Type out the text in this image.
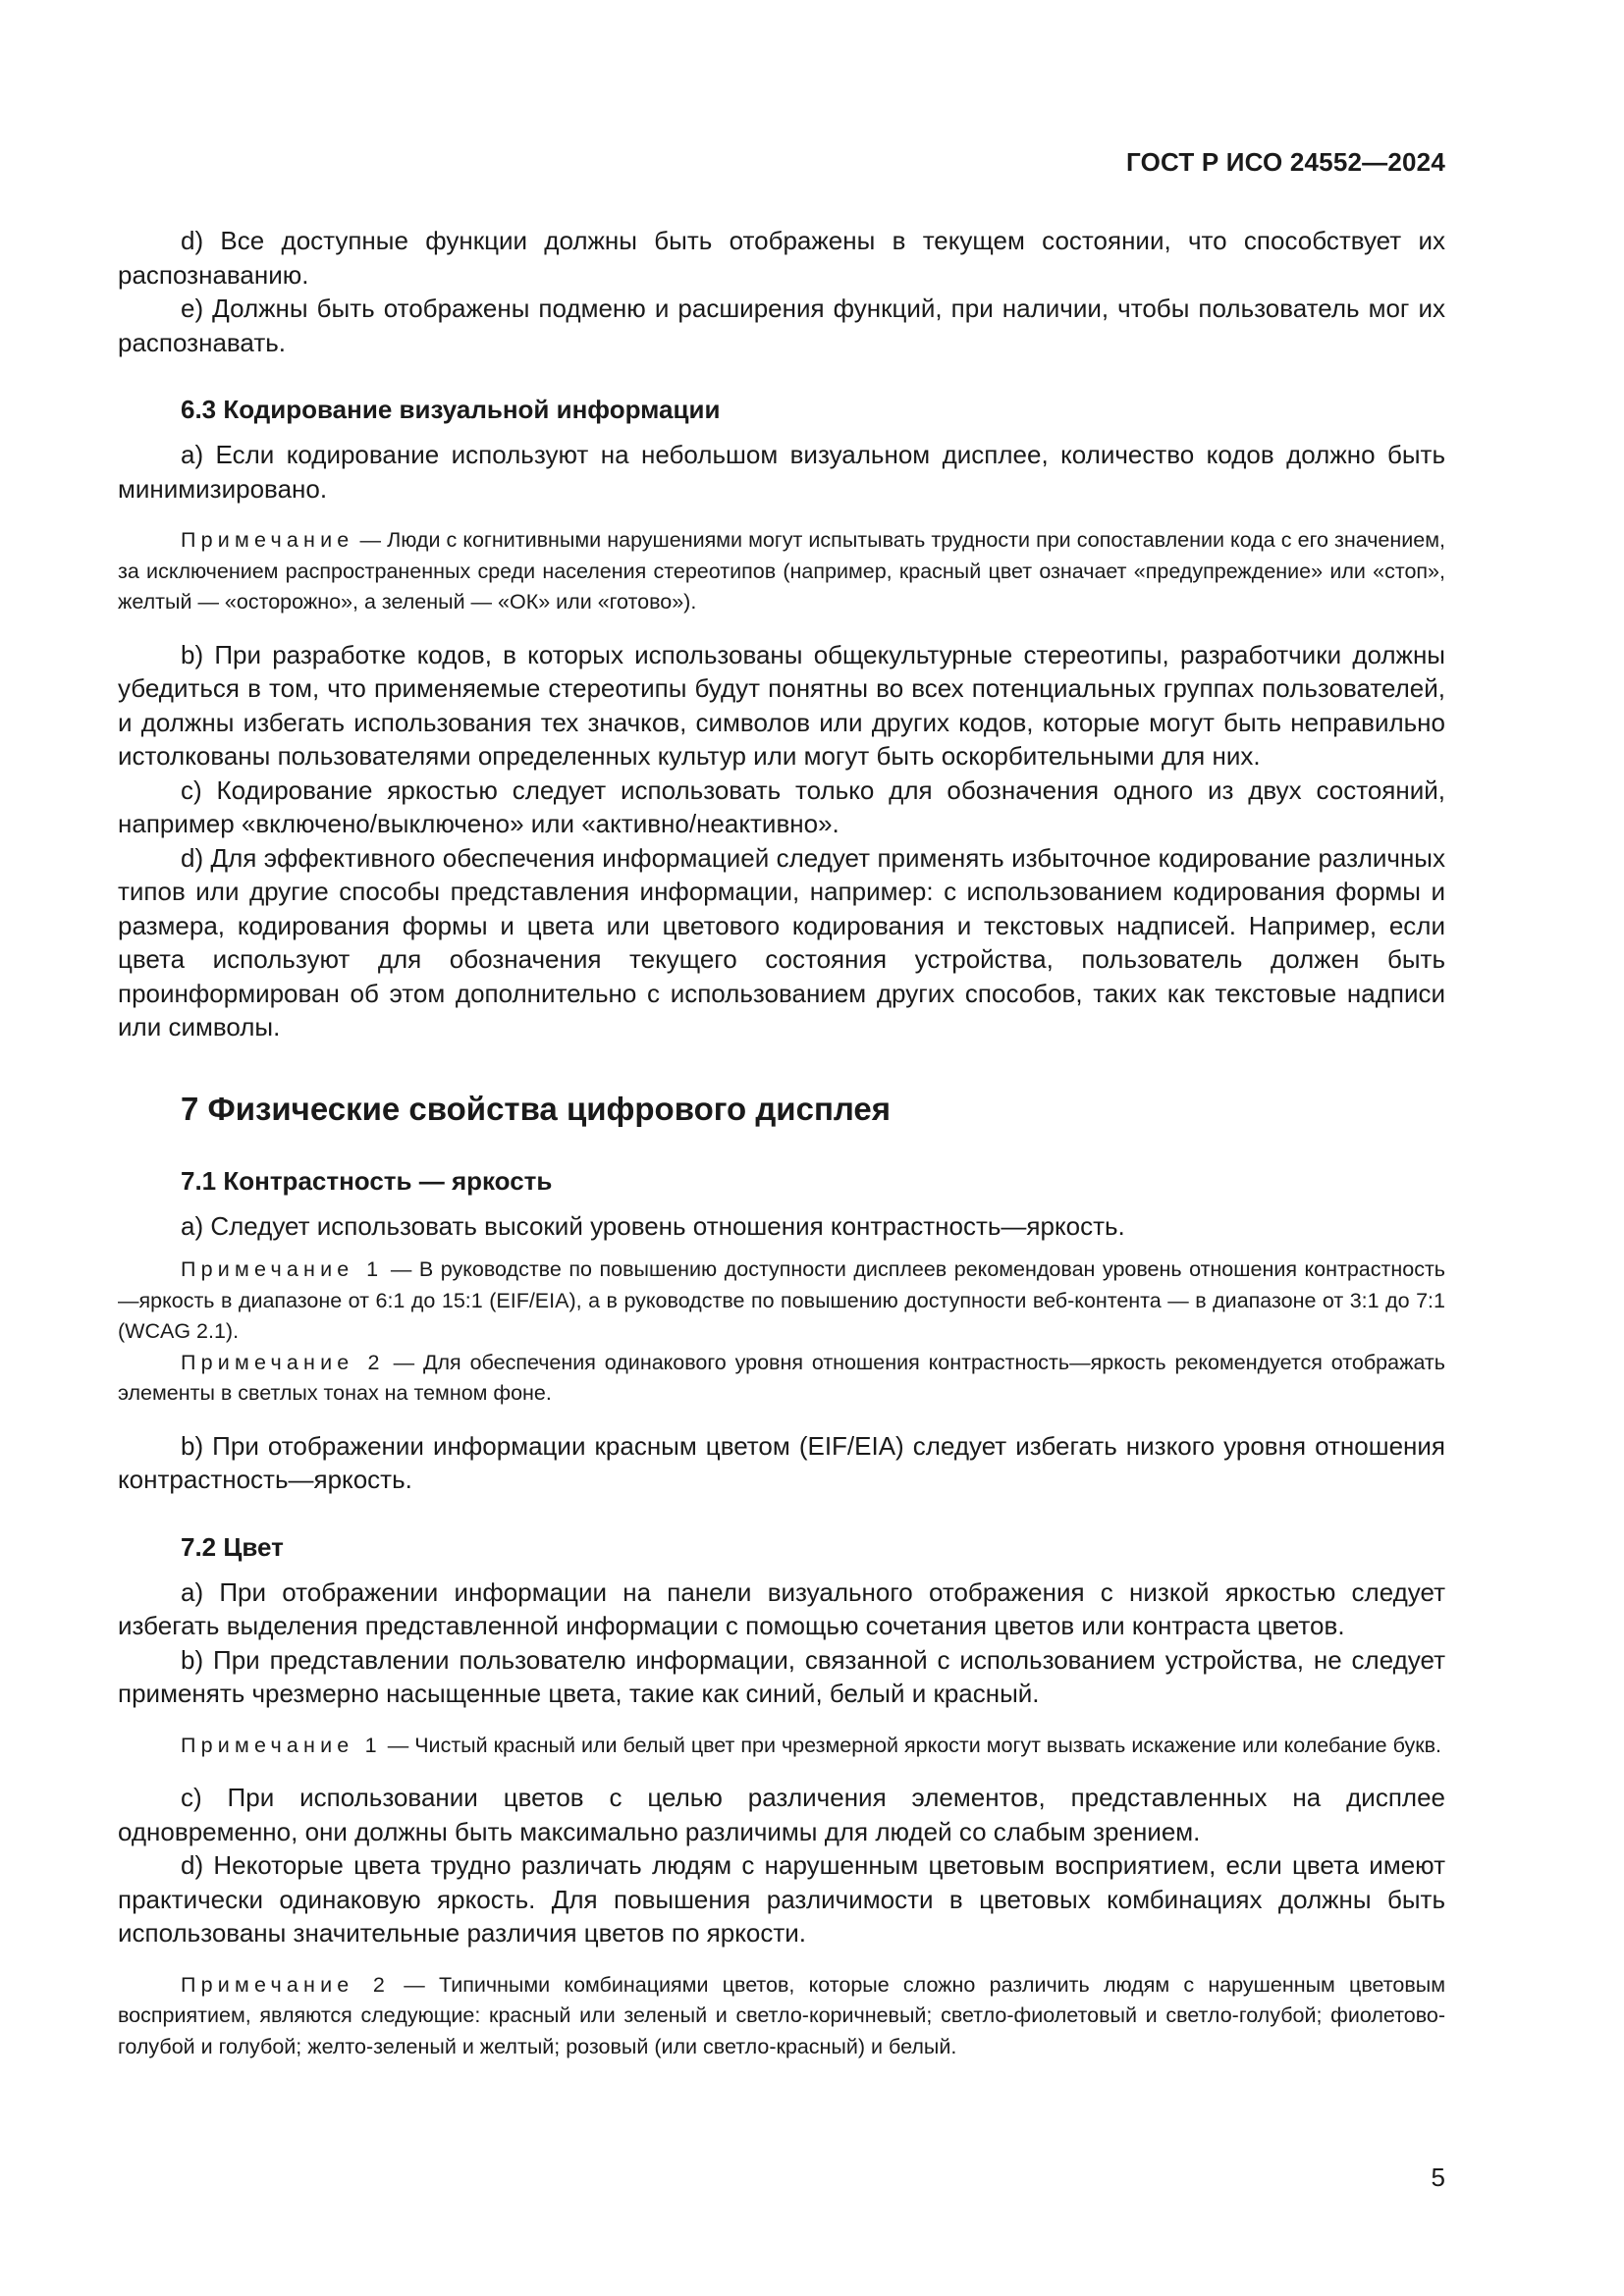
ГОСТ Р ИСО 24552—2024

d) Все доступные функции должны быть отображены в текущем состоянии, что способствует их распознаванию.

e) Должны быть отображены подменю и расширения функций, при наличии, чтобы пользователь мог их распознавать.

6.3 Кодирование визуальной информации

a) Если кодирование используют на небольшом визуальном дисплее, количество кодов должно быть минимизировано.

Примечание — Люди с когнитивными нарушениями могут испытывать трудности при сопоставлении кода с его значением, за исключением распространенных среди населения стереотипов (например, красный цвет означает «предупреждение» или «стоп», желтый — «осторожно», а зеленый — «ОК» или «готово»).

b) При разработке кодов, в которых использованы общекультурные стереотипы, разработчики должны убедиться в том, что применяемые стереотипы будут понятны во всех потенциальных группах пользователей, и должны избегать использования тех значков, символов или других кодов, которые могут быть неправильно истолкованы пользователями определенных культур или могут быть оскорбительными для них.

c) Кодирование яркостью следует использовать только для обозначения одного из двух состояний, например «включено/выключено» или «активно/неактивно».

d) Для эффективного обеспечения информацией следует применять избыточное кодирование различных типов или другие способы представления информации, например: с использованием кодирования формы и размера, кодирования формы и цвета или цветового кодирования и текстовых надписей. Например, если цвета используют для обозначения текущего состояния устройства, пользователь должен быть проинформирован об этом дополнительно с использованием других способов, таких как текстовые надписи или символы.

7 Физические свойства цифрового дисплея
7.1 Контрастность — яркость

a) Следует использовать высокий уровень отношения контрастность—яркость.

Примечание 1 — В руководстве по повышению доступности дисплеев рекомендован уровень отношения контрастность—яркость в диапазоне от 6:1 до 15:1 (EIF/EIA), а в руководстве по повышению доступности веб-контента — в диапазоне от 3:1 до 7:1 (WCAG 2.1).

Примечание 2 — Для обеспечения одинакового уровня отношения контрастность—яркость рекомендуется отображать элементы в светлых тонах на темном фоне.

b) При отображении информации красным цветом (EIF/EIA) следует избегать низкого уровня отношения контрастность—яркость.

7.2 Цвет

a) При отображении информации на панели визуального отображения с низкой яркостью следует избегать выделения представленной информации с помощью сочетания цветов или контраста цветов.

b) При представлении пользователю информации, связанной с использованием устройства, не следует применять чрезмерно насыщенные цвета, такие как синий, белый и красный.

Примечание 1 — Чистый красный или белый цвет при чрезмерной яркости могут вызвать искажение или колебание букв.

c) При использовании цветов с целью различения элементов, представленных на дисплее одновременно, они должны быть максимально различимы для людей со слабым зрением.

d) Некоторые цвета трудно различать людям с нарушенным цветовым восприятием, если цвета имеют практически одинаковую яркость. Для повышения различимости в цветовых комбинациях должны быть использованы значительные различия цветов по яркости.

Примечание 2 — Типичными комбинациями цветов, которые сложно различить людям с нарушенным цветовым восприятием, являются следующие: красный или зеленый и светло-коричневый; светло-фиолетовый и светло-голубой; фиолетово-голубой и голубой; желто-зеленый и желтый; розовый (или светло-красный) и белый.

5
